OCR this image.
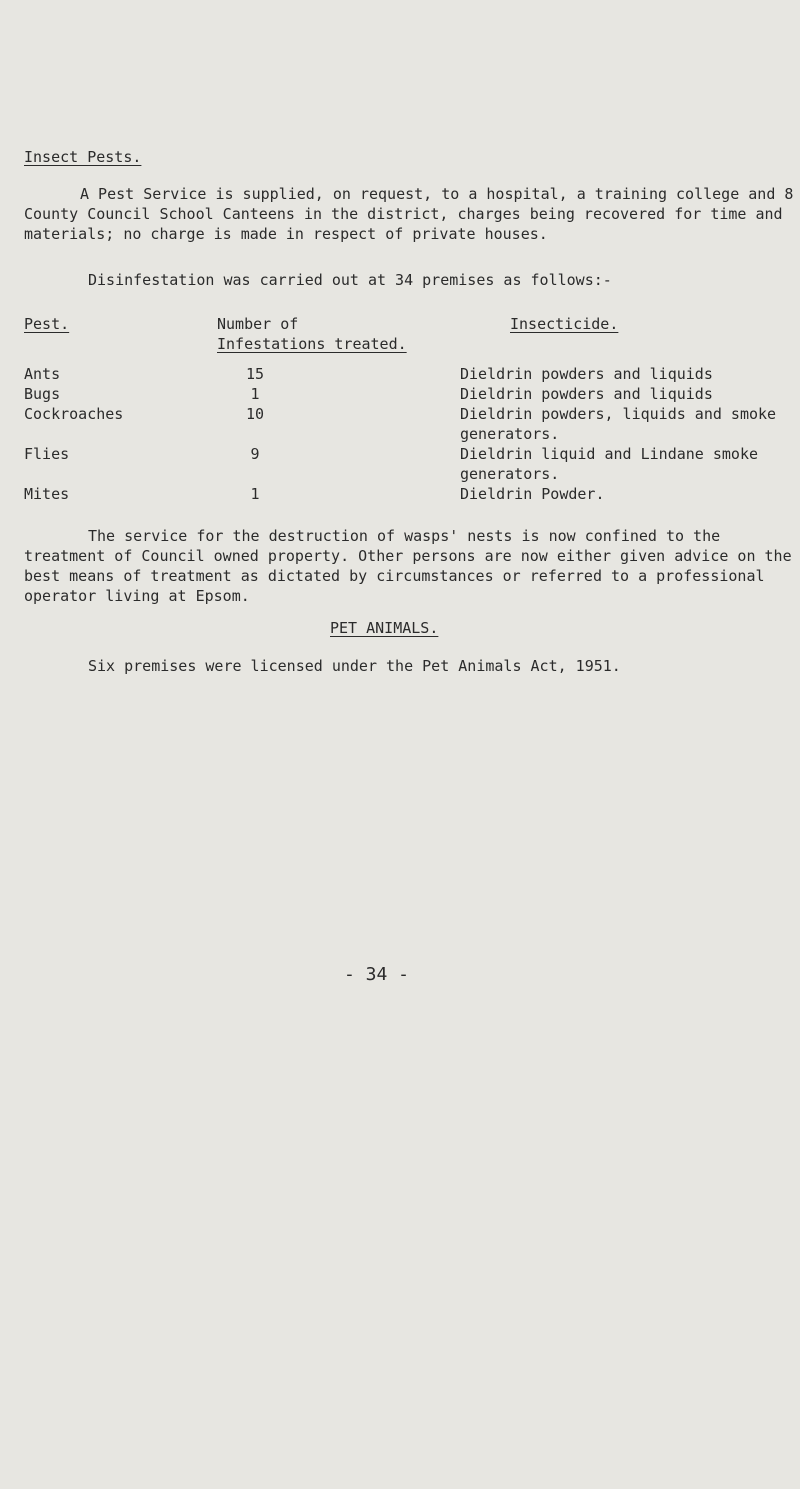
Insect Pests.
A Pest Service is supplied, on request, to a hospital, a training college and 8 County Council School Canteens in the district, charges being recovered for time and materials; no charge is made in respect of private houses.
Disinfestation was carried out at 34 premises as follows:-
Pest.	Number of
Infestations treated.
Insecticide.
Ants	15	Dieldrin powders and liquids
Bugs	1	Dieldrin powders and liquids
Cockroaches	10	Dieldrin powders, liquids and smoke generators.
Flies	9	Dieldrin liquid and Lindane smoke generators.
Mites	1	Dieldrin Powder.
The service for the destruction of wasps' nests is now confined to the treatment of Council owned property. Other persons are now either given advice on the best means of treatment as dictated by circumstances or referred to a professional operator living at Epsom.
PET ANIMALS.
Six premises were licensed under the Pet Animals Act, 1951.
- 34 -
